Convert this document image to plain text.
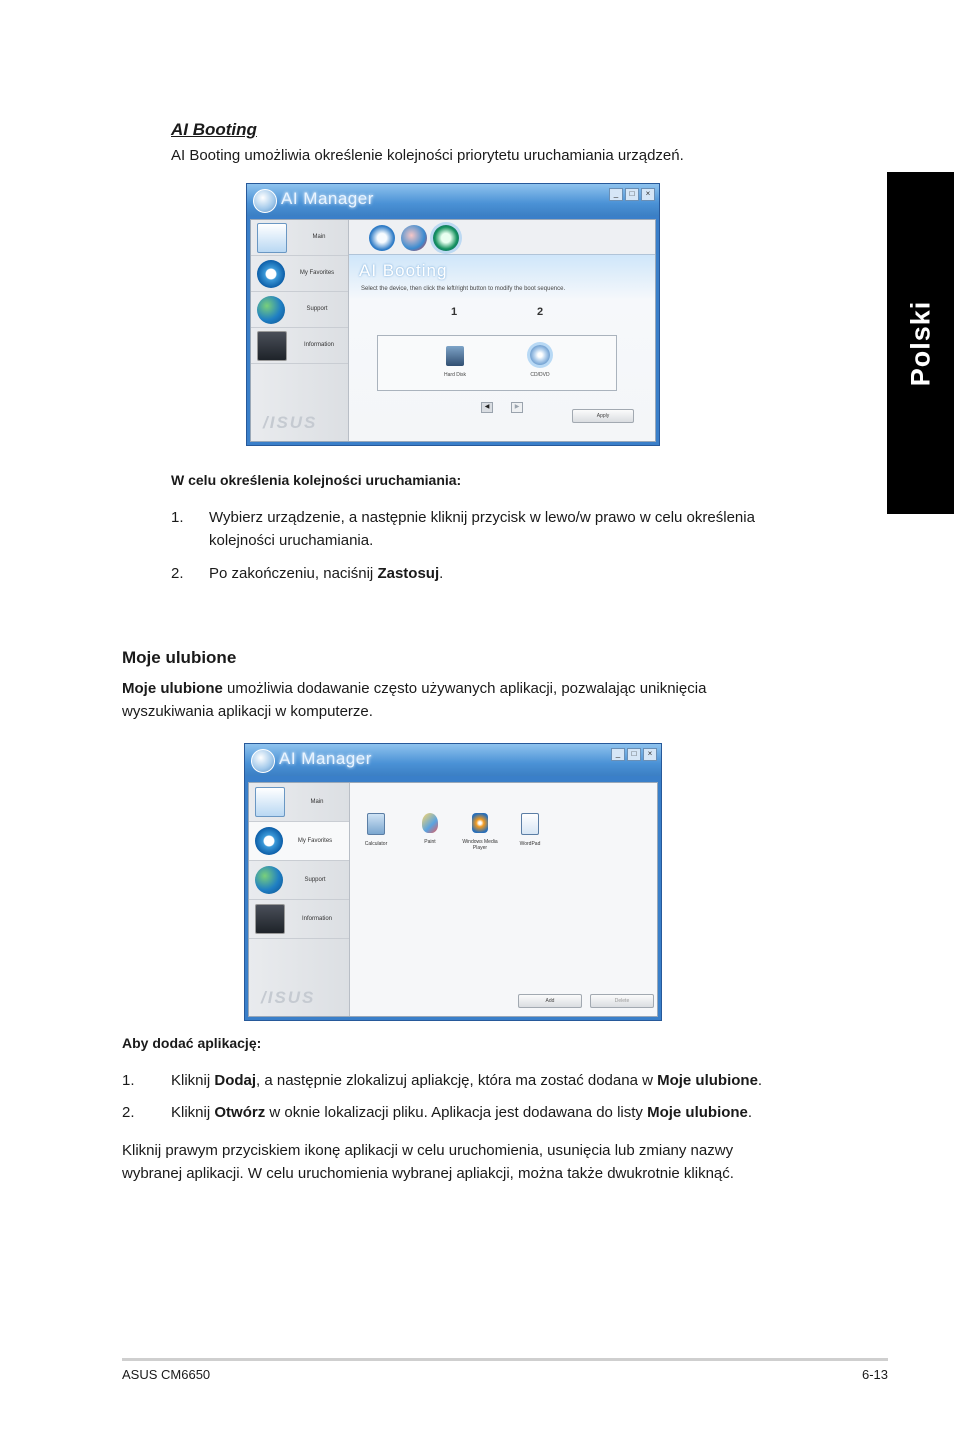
Polski
AI Booting
AI Booting umożliwia określenie kolejności priorytetu uruchamiania urządzeń.
AI Manager	_	□	×
Main
My Favorites
Support
Information
/ISUS
AI Booting
Select the device, then click the left/right button to modify the boot sequence.
1	2
Hard Disk	CD/DVD
◀	▶
Apply
W celu określenia kolejności uruchamiania:
1. Wybierz urządzenie, a następnie kliknij przycisk w lewo/w prawo w celu określenia
kolejności uruchamiania.
2. Po zakończeniu, naciśnij Zastosuj.
Moje ulubione
Moje ulubione umożliwia dodawanie często używanych aplikacji, pozwalając uniknięcia
wyszukiwania aplikacji w komputerze.
AI Manager	_	□	×
Main
My Favorites
Support
Information
/ISUS
Calculator	Paint	Windows Media Player
WordPad
Add	Delete
Aby dodać aplikację:
1. Kliknij Dodaj, a następnie zlokalizuj apliakcję, która ma zostać dodana w Moje ulubione.
2. Kliknij Otwórz w oknie lokalizacji pliku. Aplikacja jest dodawana do listy Moje ulubione.
Kliknij prawym przyciskiem ikonę aplikacji w celu uruchomienia, usunięcia lub zmiany nazwy
wybranej aplikacji. W celu uruchomienia wybranej apliakcji, można także dwukrotnie kliknąć.
ASUS CM6650	6-13
